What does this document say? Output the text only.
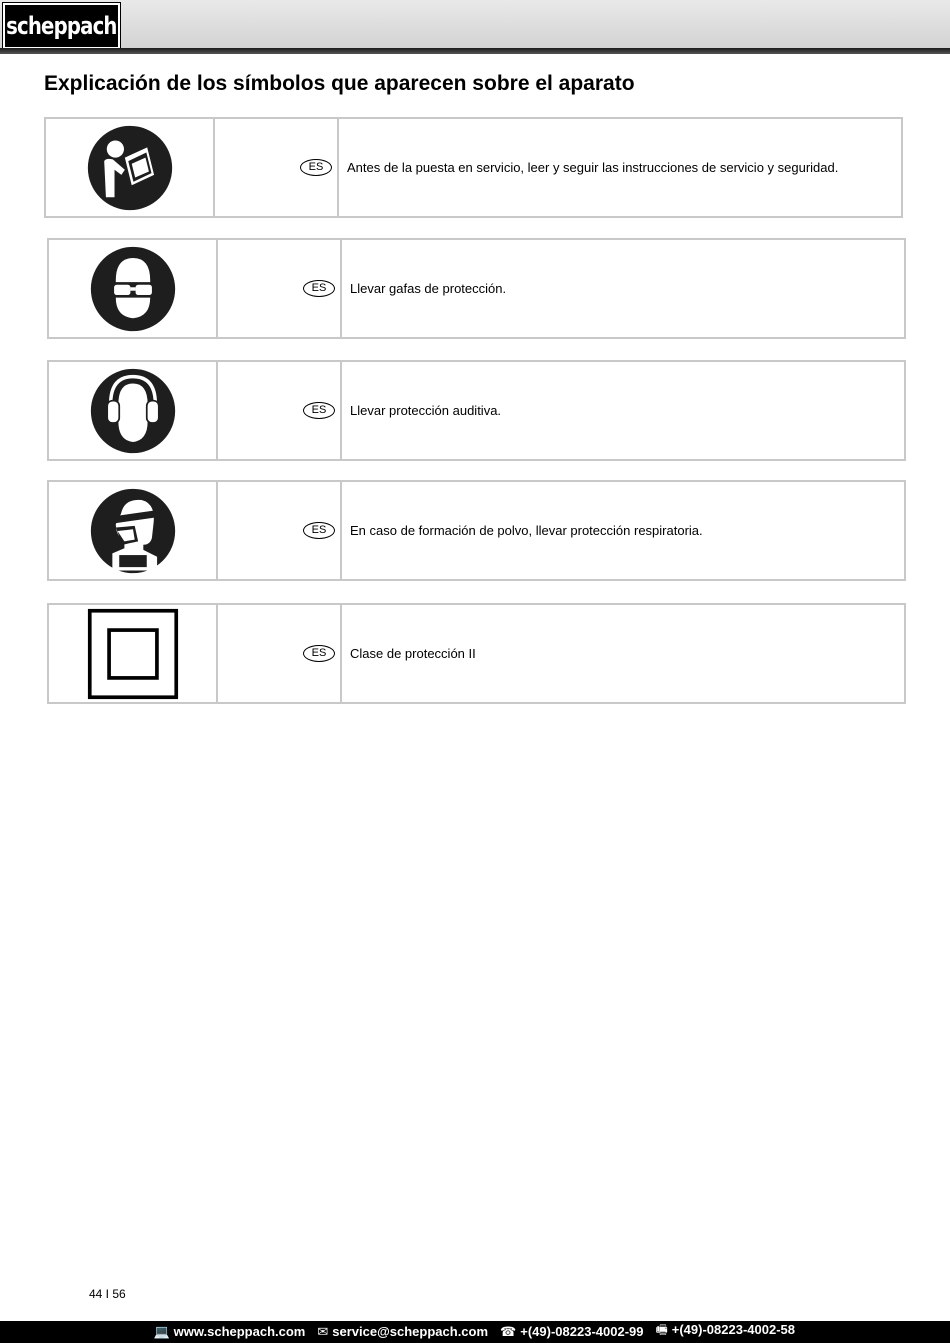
scheppach
Explicación de los símbolos que aparecen sobre el aparato
ES	Antes de la puesta en servicio, leer y seguir las instrucciones de servicio y seguridad.
ES	Llevar gafas de protección.
ES	Llevar protección auditiva.
ES	En caso de formación de polvo, llevar protección respiratoria.
ES	Clase de protección II
44 I 56
💻 www.scheppach.com ✉ service@scheppach.com ☎ +(49)-08223-4002-99 🖷 +(49)-08223-4002-58
